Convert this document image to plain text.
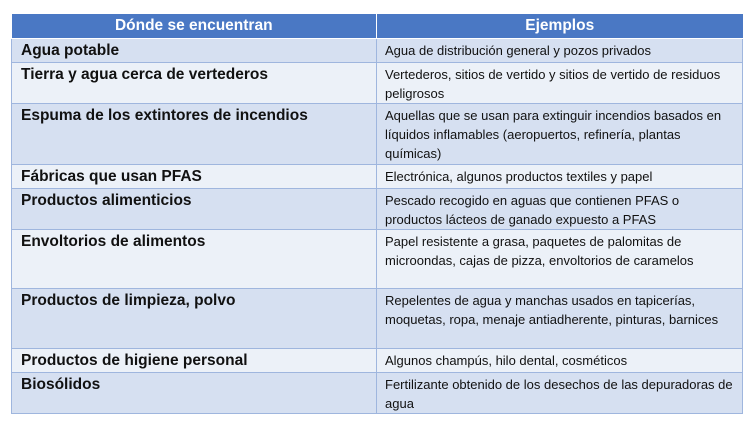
Dónde se encuentran	Ejemplos
Agua potable	Agua de distribución general y pozos privados
Tierra y agua cerca de vertederos	Vertederos, sitios de vertido y sitios de vertido de residuos peligrosos
Espuma de los extintores de incendios	Aquellas que se usan para extinguir incendios basados en líquidos inflamables (aeropuertos, refinería, plantas químicas)
Fábricas que usan PFAS	Electrónica, algunos productos textiles y papel
Productos alimenticios	Pescado recogido en aguas que contienen PFAS o productos lácteos de ganado expuesto a PFAS
Envoltorios de alimentos	Papel resistente a grasa, paquetes de palomitas de microondas, cajas de pizza, envoltorios de caramelos
Productos de limpieza, polvo	Repelentes de agua y manchas usados en tapicerías, moquetas, ropa, menaje antiadherente, pinturas, barnices
Productos de higiene personal	Algunos champús, hilo dental, cosméticos
Biosólidos	Fertilizante obtenido de los desechos de las depuradoras de agua
